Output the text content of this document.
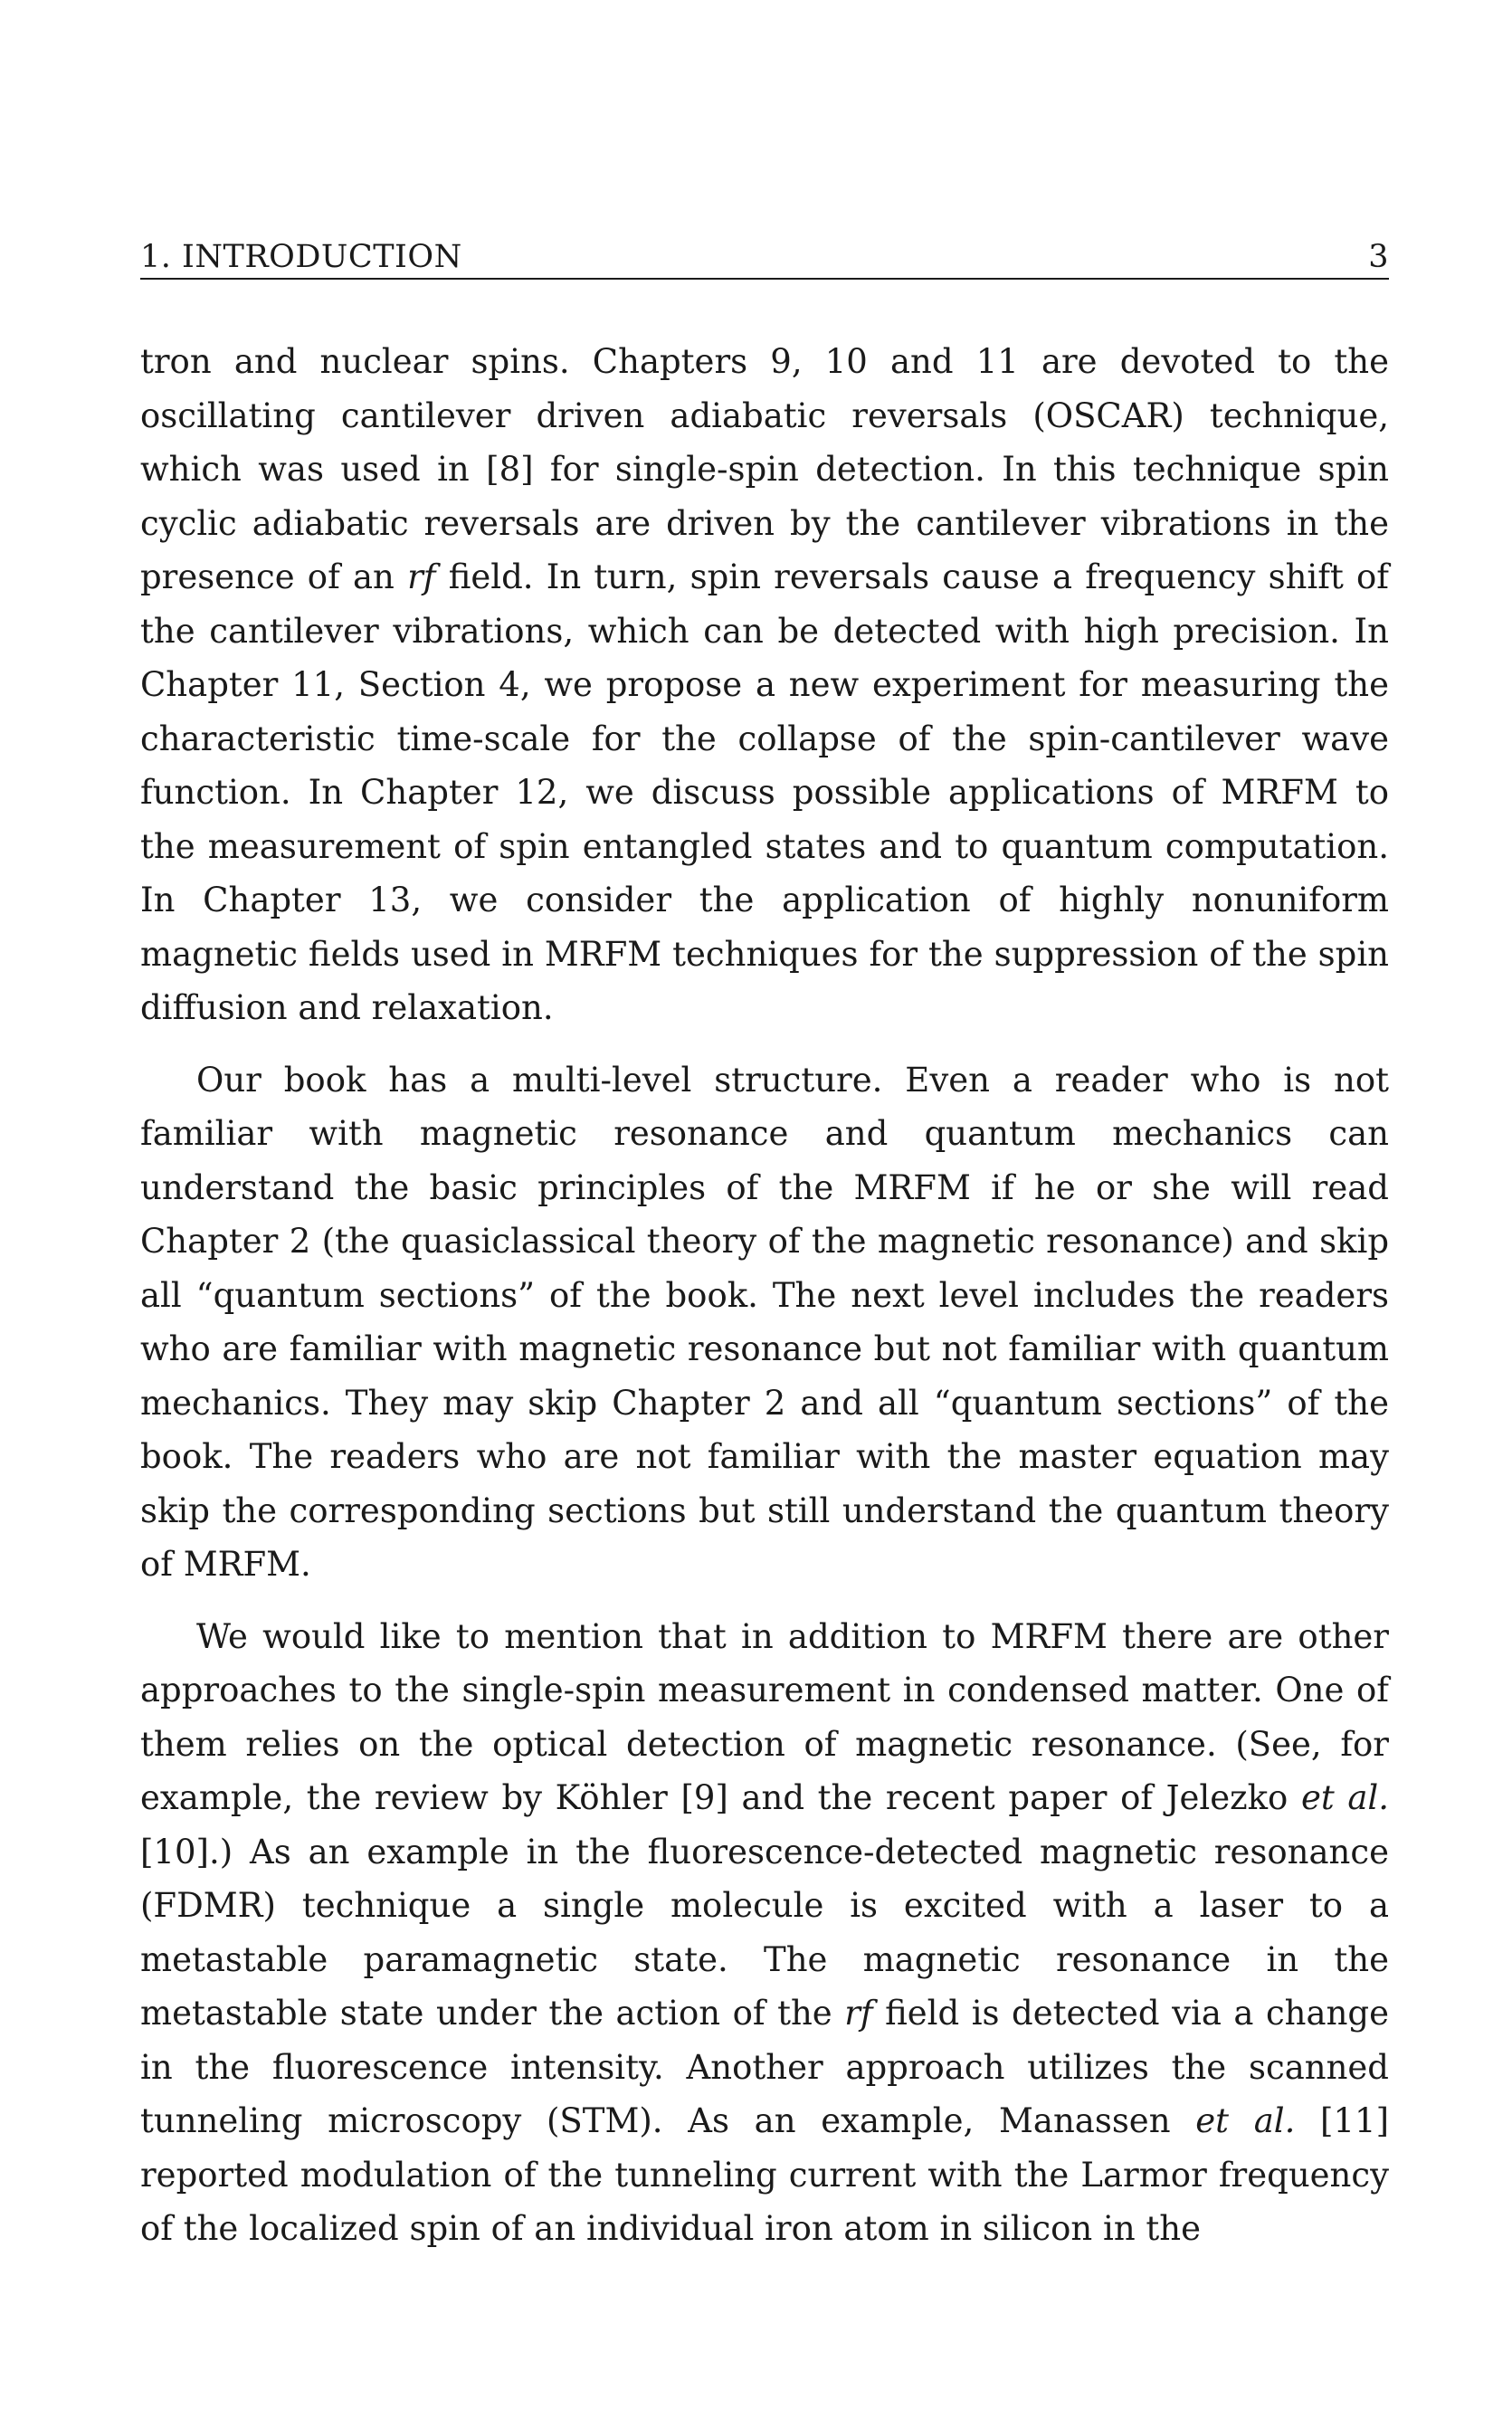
1. INTRODUCTION	3

tron and nuclear spins. Chapters 9, 10 and 11 are devoted to the oscillating cantilever driven adiabatic reversals (OSCAR) technique, which was used in [8] for single-spin detection. In this technique spin cyclic adiabatic reversals are driven by the cantilever vibrations in the presence of an rf field. In turn, spin reversals cause a frequency shift of the cantilever vibrations, which can be detected with high precision. In Chapter 11, Section 4, we propose a new experiment for measuring the characteristic time-scale for the collapse of the spin-cantilever wave function. In Chapter 12, we discuss possible applications of MRFM to the measurement of spin entangled states and to quantum computation. In Chapter 13, we consider the application of highly nonuniform magnetic fields used in MRFM techniques for the suppression of the spin diffusion and relaxation.

Our book has a multi-level structure. Even a reader who is not familiar with magnetic resonance and quantum mechanics can understand the basic principles of the MRFM if he or she will read Chapter 2 (the quasiclassical theory of the magnetic resonance) and skip all “quantum sections” of the book. The next level includes the readers who are familiar with magnetic resonance but not familiar with quantum mechanics. They may skip Chapter 2 and all “quantum sections” of the book. The readers who are not familiar with the master equation may skip the corresponding sections but still understand the quantum theory of MRFM.

We would like to mention that in addition to MRFM there are other approaches to the single-spin measurement in condensed matter. One of them relies on the optical detection of magnetic resonance. (See, for example, the review by Köhler [9] and the recent paper of Jelezko et al. [10].) As an example in the fluorescence-detected magnetic resonance (FDMR) technique a single molecule is excited with a laser to a metastable paramagnetic state. The magnetic resonance in the metastable state under the action of the rf field is detected via a change in the fluorescence intensity. Another approach utilizes the scanned tunneling microscopy (STM). As an example, Manassen et al. [11] reported modulation of the tunneling current with the Larmor frequency of the localized spin of an individual iron atom in silicon in the
